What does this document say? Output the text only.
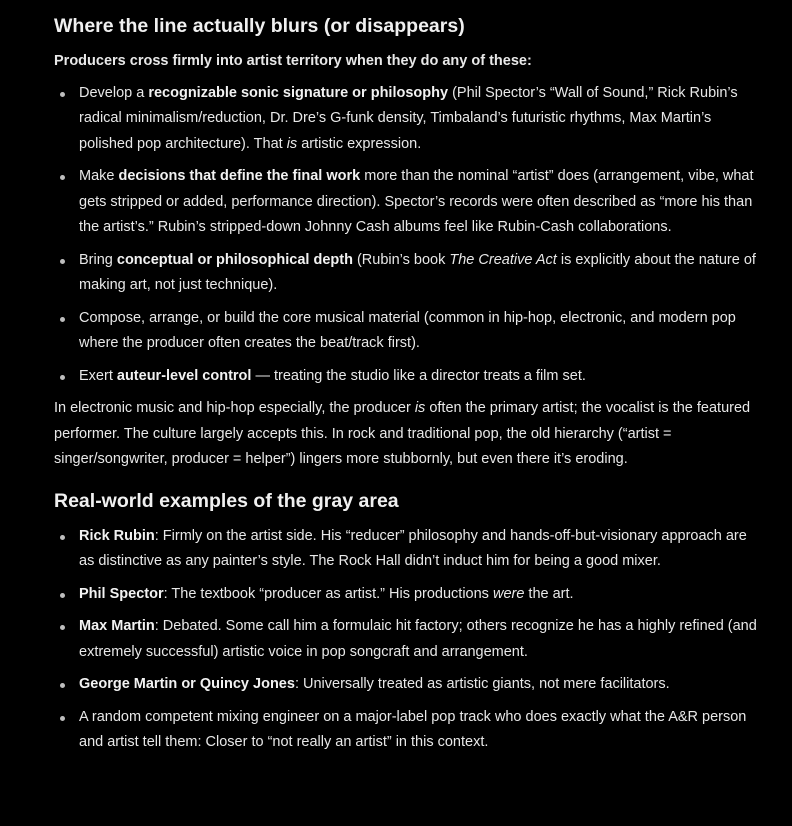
Where the line actually blurs (or disappears)

Producers cross firmly into artist territory when they do any of these:

Develop a recognizable sonic signature or philosophy (Phil Spector’s “Wall of Sound,” Rick Rubin’s radical minimalism/reduction, Dr. Dre’s G-funk density, Timbaland’s futuristic rhythms, Max Martin’s polished pop architecture). That is artistic expression.
Make decisions that define the final work more than the nominal “artist” does (arrangement, vibe, what gets stripped or added, performance direction). Spector’s records were often described as “more his than the artist’s.” Rubin’s stripped-down Johnny Cash albums feel like Rubin-Cash collaborations.
Bring conceptual or philosophical depth (Rubin’s book The Creative Act is explicitly about the nature of making art, not just technique).
Compose, arrange, or build the core musical material (common in hip-hop, electronic, and modern pop where the producer often creates the beat/track first).
Exert auteur-level control — treating the studio like a director treats a film set.

In electronic music and hip-hop especially, the producer is often the primary artist; the vocalist is the featured performer. The culture largely accepts this. In rock and traditional pop, the old hierarchy (“artist = singer/songwriter, producer = helper”) lingers more stubbornly, but even there it’s eroding.

Real-world examples of the gray area
Rick Rubin: Firmly on the artist side. His “reducer” philosophy and hands-off-but-visionary approach are as distinctive as any painter’s style. The Rock Hall didn’t induct him for being a good mixer.
Phil Spector: The textbook “producer as artist.” His productions were the art.
Max Martin: Debated. Some call him a formulaic hit factory; others recognize he has a highly refined (and extremely successful) artistic voice in pop songcraft and arrangement.
George Martin or Quincy Jones: Universally treated as artistic giants, not mere facilitators.
A random competent mixing engineer on a major-label pop track who does exactly what the A&R person and artist tell them: Closer to “not really an artist” in this context.
